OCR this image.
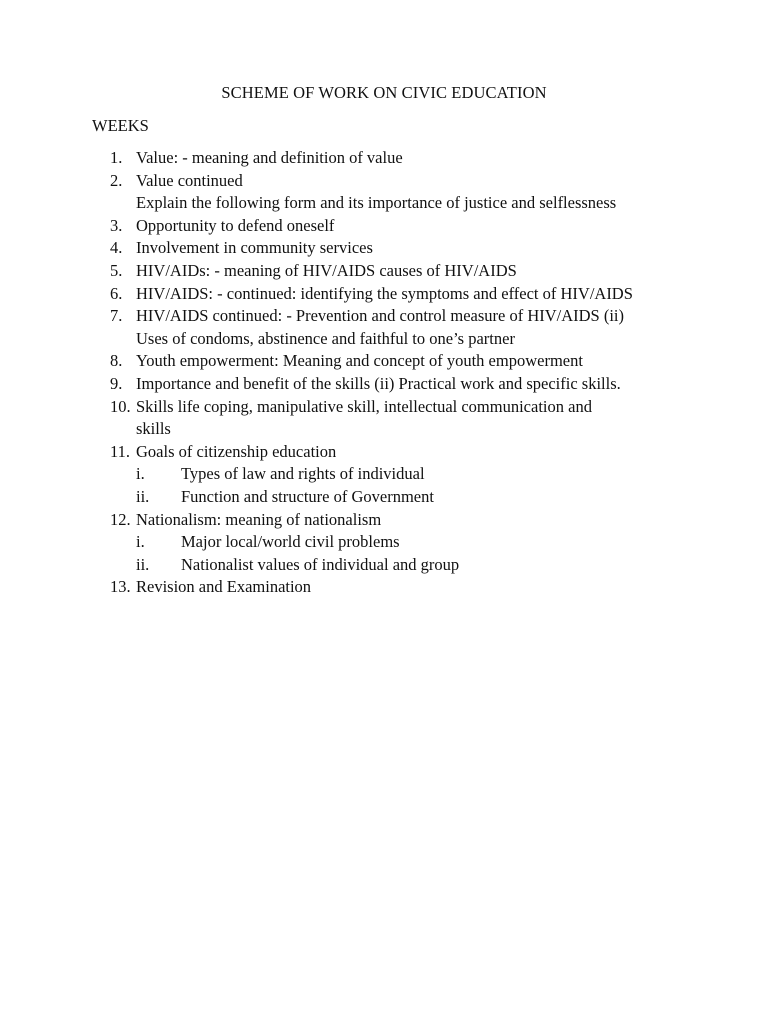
SCHEME OF WORK ON CIVIC EDUCATION
WEEKS
1. Value: - meaning and definition of value
2. Value continued
Explain the following form and its importance of justice and selflessness
3. Opportunity to defend oneself
4. Involvement in community services
5. HIV/AIDs: - meaning of HIV/AIDS causes of HIV/AIDS
6. HIV/AIDS: - continued: identifying the symptoms and effect of HIV/AIDS
7. HIV/AIDS continued: - Prevention and control measure of HIV/AIDS (ii)
Uses of condoms, abstinence and faithful to one’s partner
8. Youth empowerment: Meaning and concept of youth empowerment
9. Importance and benefit of the skills (ii) Practical work and specific skills.
10. Skills life coping, manipulative skill, intellectual communication and
skills
11. Goals of citizenship education
i. Types of law and rights of individual
ii. Function and structure of Government
12. Nationalism: meaning of nationalism
i. Major local/world civil problems
ii. Nationalist values of individual and group
13. Revision and Examination
